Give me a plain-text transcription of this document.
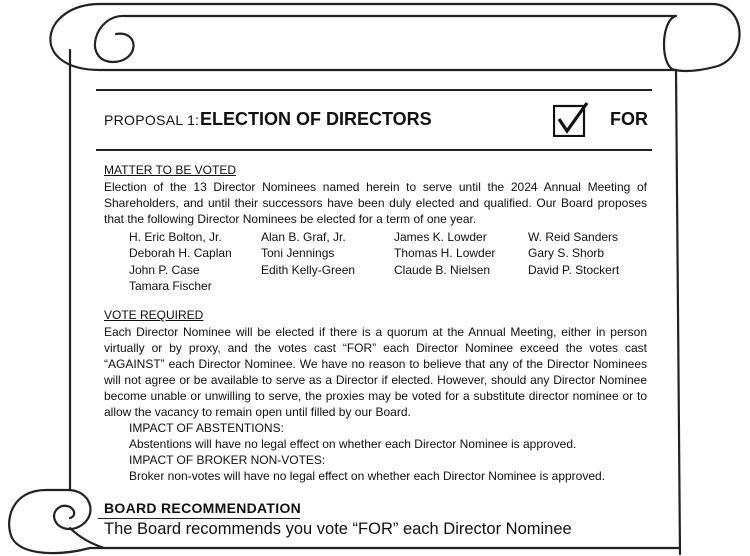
PROPOSAL 1: ELECTION OF DIRECTORS	FOR
MATTER TO BE VOTED
Election of the 13 Director Nominees named herein to serve until the 2024 Annual Meeting of Shareholders, and until their successors have been duly elected and qualified. Our Board proposes that the following Director Nominees be elected for a term of one year.
H. Eric Bolton, Jr.
Deborah H. Caplan
John P. Case
Tamara Fischer
Alan B. Graf, Jr.
Toni Jennings
Edith Kelly-Green
James K. Lowder
Thomas H. Lowder
Claude B. Nielsen
W. Reid Sanders
Gary S. Shorb
David P. Stockert
VOTE REQUIRED
Each Director Nominee will be elected if there is a quorum at the Annual Meeting, either in person virtually or by proxy, and the votes cast “FOR” each Director Nominee exceed the votes cast “AGAINST” each Director Nominee. We have no reason to believe that any of the Director Nominees will not agree or be available to serve as a Director if elected. However, should any Director Nominee become unable or unwilling to serve, the proxies may be voted for a substitute director nominee or to allow the vacancy to remain open until filled by our Board.
IMPACT OF ABSTENTIONS:
Abstentions will have no legal effect on whether each Director Nominee is approved.
IMPACT OF BROKER NON-VOTES:
Broker non-votes will have no legal effect on whether each Director Nominee is approved.
BOARD RECOMMENDATION
The Board recommends you vote “FOR” each Director Nominee
